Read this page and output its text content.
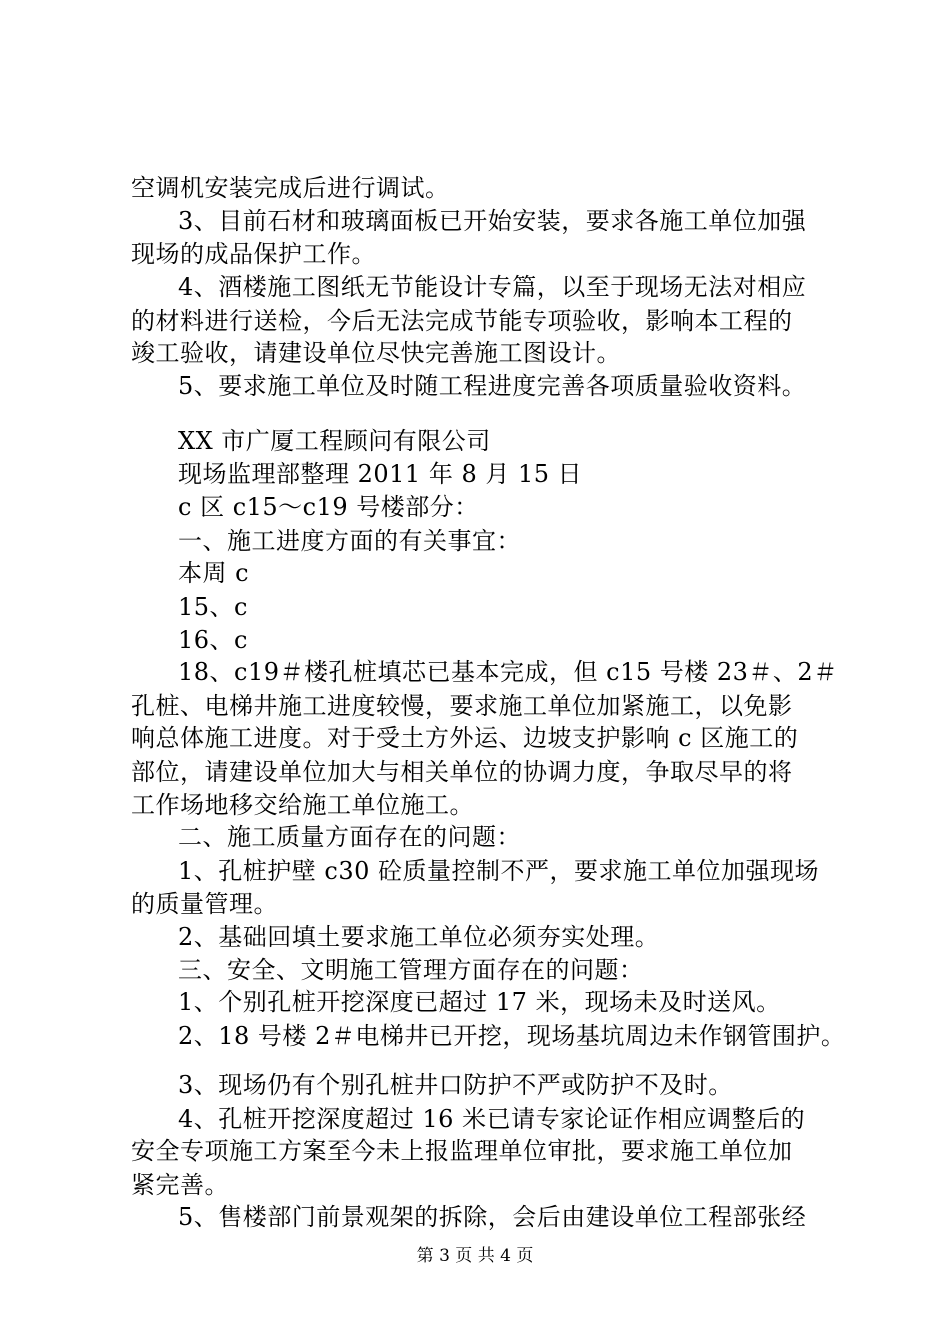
空调机安装完成后进行调试。
3、目前石材和玻璃面板已开始安装，要求各施工单位加强
现场的成品保护工作。
4、酒楼施工图纸无节能设计专篇，以至于现场无法对相应
的材料进行送检，今后无法完成节能专项验收，影响本工程的
竣工验收，请建设单位尽快完善施工图设计。
5、要求施工单位及时随工程进度完善各项质量验收资料。
XX 市广厦工程顾问有限公司
现场监理部整理 2011 年 8 月 15 日
c 区 c15～c19 号楼部分：
一、施工进度方面的有关事宜：
本周 c
15、c
16、c
18、c19＃楼孔桩填芯已基本完成，但 c15 号楼 23＃、2＃
孔桩、电梯井施工进度较慢，要求施工单位加紧施工，以免影
响总体施工进度。对于受土方外运、边坡支护影响 c 区施工的
部位，请建设单位加大与相关单位的协调力度，争取尽早的将
工作场地移交给施工单位施工。
二、施工质量方面存在的问题：
1、孔桩护壁 c30 砼质量控制不严，要求施工单位加强现场
的质量管理。
2、基础回填土要求施工单位必须夯实处理。
三、安全、文明施工管理方面存在的问题：
1、个别孔桩开挖深度已超过 17 米，现场未及时送风。
2、18 号楼 2＃电梯井已开挖，现场基坑周边未作钢管围护。
3、现场仍有个别孔桩井口防护不严或防护不及时。
4、孔桩开挖深度超过 16 米已请专家论证作相应调整后的
安全专项施工方案至今未上报监理单位审批，要求施工单位加
紧完善。
5、售楼部门前景观架的拆除，会后由建设单位工程部张经
第 3 页 共 4 页
